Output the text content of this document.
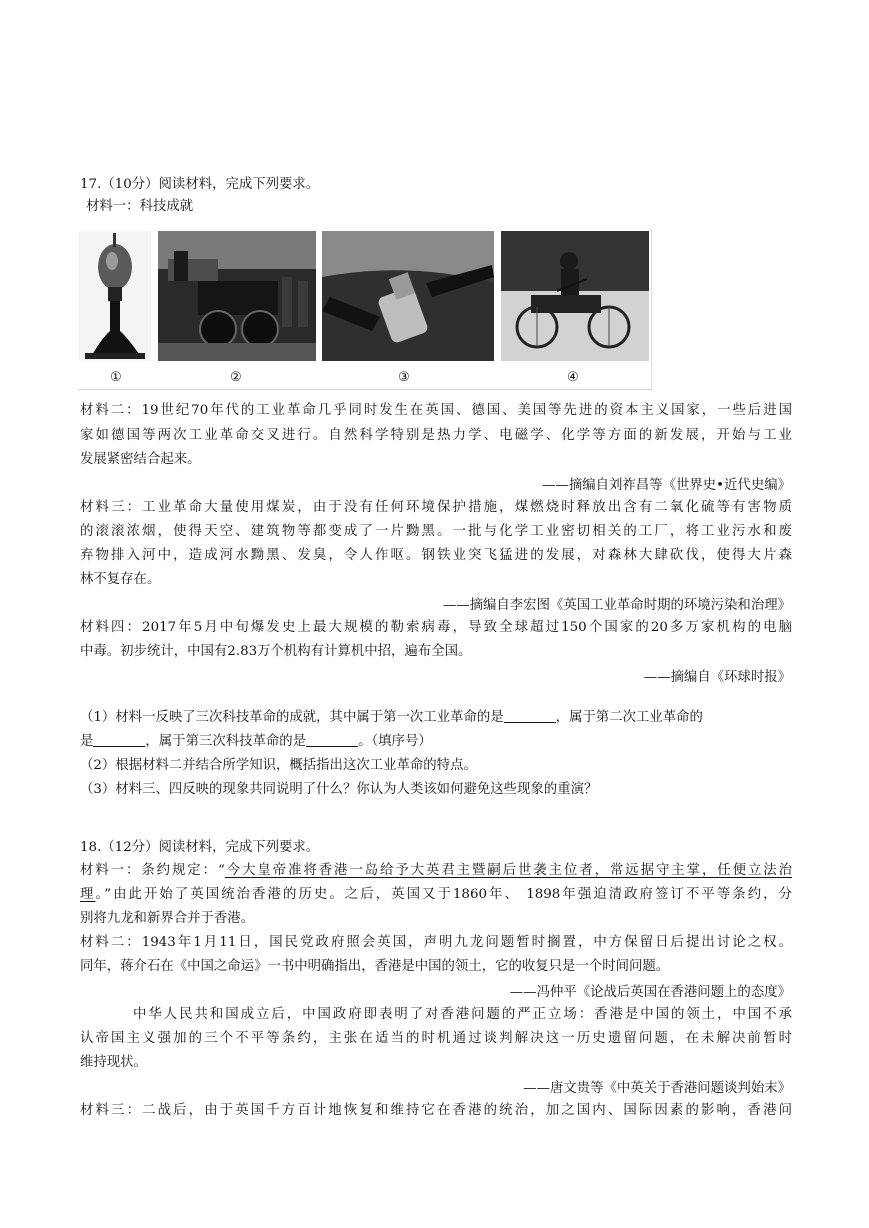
17.（10分）阅读材料，完成下列要求。
材料一：科技成就
①	②	③	④
材料二：19世纪70年代的工业革命几乎同时发生在英国、德国、美国等先进的资本主义国家，一些后进国
家如德国等两次工业革命交叉进行。自然科学特别是热力学、电磁学、化学等方面的新发展，开始与工业
发展紧密结合起来。
——摘编自刘祚昌等《世界史•近代史编》
材料三：工业革命大量使用煤炭，由于没有任何环境保护措施，煤燃烧时释放出含有二氧化硫等有害物质
的滚滚浓烟，使得天空、建筑物等都变成了一片黝黑。一批与化学工业密切相关的工厂，将工业污水和废
弃物排入河中，造成河水黝黑、发臭，令人作呕。钢铁业突飞猛进的发展，对森林大肆砍伐，使得大片森
林不复存在。
——摘编自李宏图《英国工业革命时期的环境污染和治理》
材料四：2017年5月中旬爆发史上最大规模的勒索病毒，导致全球超过150个国家的20多万家机构的电脑
中毒。初步统计，中国有2.83万个机构有计算机中招，遍布全国。
——摘编自《环球时报》
（1）材料一反映了三次科技革命的成就，其中属于第一次工业革命的是	，属于第二次工业革命的
是	，属于第三次科技革命的是	。（填序号）
（2）根据材料二并结合所学知识，概括指出这次工业革命的特点。
（3）材料三、四反映的现象共同说明了什么？你认为人类该如何避免这些现象的重演？
18.（12分）阅读材料，完成下列要求。
材料一：条约规定：“今大皇帝准将香港一岛给予大英君主暨嗣后世袭主位者，常远据守主掌，任便立法治
理。”由此开始了英国统治香港的历史。之后，英国又于1860年、 1898年强迫清政府签订不平等条约，分
别将九龙和新界合并于香港。
材料二：1943年1月11日，国民党政府照会英国，声明九龙问题暂时搁置，中方保留日后提出讨论之权。
同年，蒋介石在《中国之命运》一书中明确指出，香港是中国的领土，它的收复只是一个时间问题。
——冯仲平《论战后英国在香港问题上的态度》
中华人民共和国成立后，中国政府即表明了对香港问题的严正立场：香港是中国的领土，中国不承
认帝国主义强加的三个不平等条约，主张在适当的时机通过谈判解决这一历史遗留问题，在未解决前暂时
维持现状。
——唐文贵等《中英关于香港问题谈判始末》
材料三：二战后，由于英国千方百计地恢复和维持它在香港的统治，加之国内、国际因素的影响，香港问
